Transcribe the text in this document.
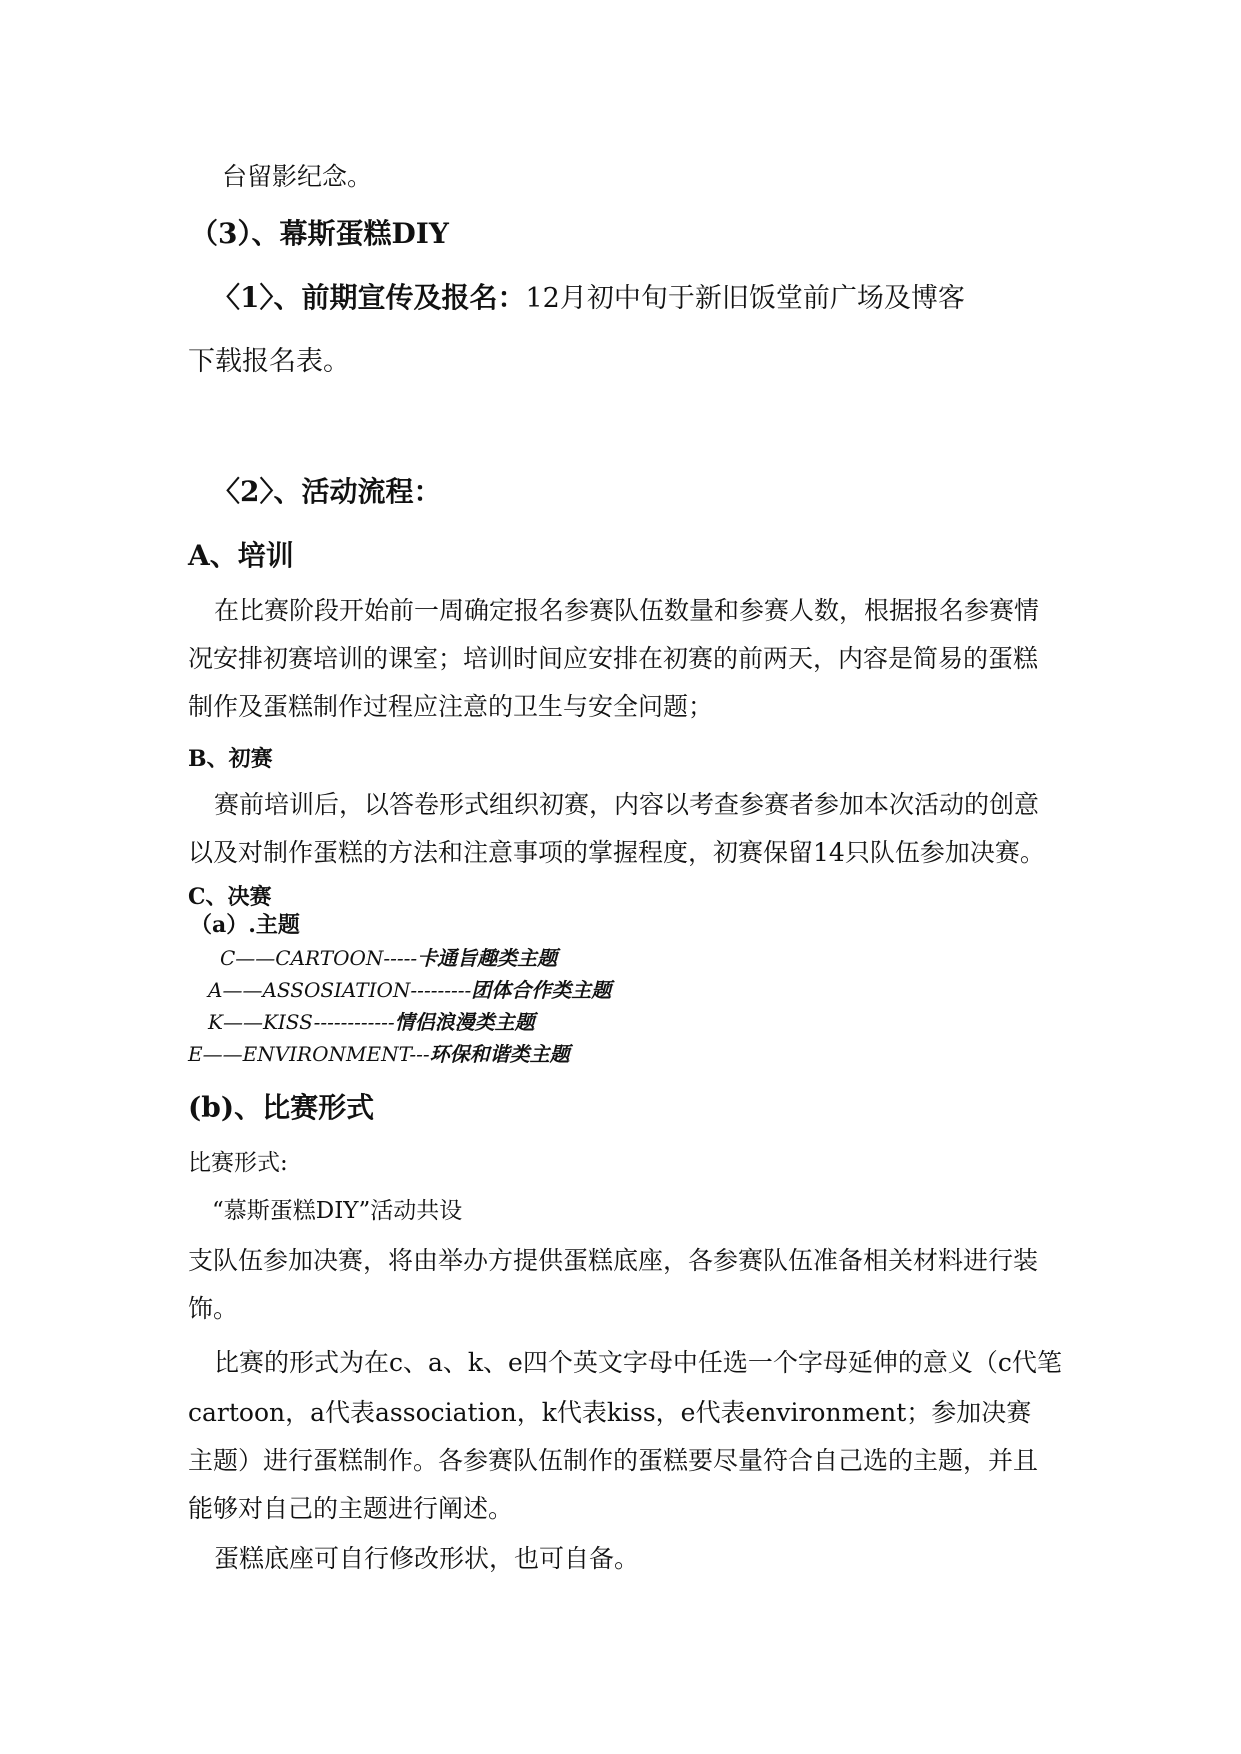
台留影纪念。
（3）、幕斯蛋糕DIY
〈1〉、前期宣传及报名：12月初中旬于新旧饭堂前广场及博客
下载报名表。
〈2〉、活动流程：
A、培训
在比赛阶段开始前一周确定报名参赛队伍数量和参赛人数，根据报名参赛情
况安排初赛培训的课室；培训时间应安排在初赛的前两天，内容是简易的蛋糕
制作及蛋糕制作过程应注意的卫生与安全问题；
B、初赛
赛前培训后，以答卷形式组织初赛，内容以考查参赛者参加本次活动的创意
以及对制作蛋糕的方法和注意事项的掌握程度，初赛保留14只队伍参加决赛。
C、决赛
（a）.主题
C——CARTOON-----卡通旨趣类主题
A——ASSOSIATION---------团体合作类主题
K——KISS------------情侣浪漫类主题
E——ENVIRONMENT---环保和谐类主题
(b)、比赛形式
比赛形式:
“慕斯蛋糕DIY”活动共设
支队伍参加决赛，将由举办方提供蛋糕底座，各参赛队伍准备相关材料进行装
饰。
比赛的形式为在c、a、k、e四个英文字母中任选一个字母延伸的意义（c代笔
cartoon，a代表association，k代表kiss，e代表environment；参加决赛
主题）进行蛋糕制作。各参赛队伍制作的蛋糕要尽量符合自己选的主题，并且
能够对自己的主题进行阐述。
蛋糕底座可自行修改形状，也可自备。
